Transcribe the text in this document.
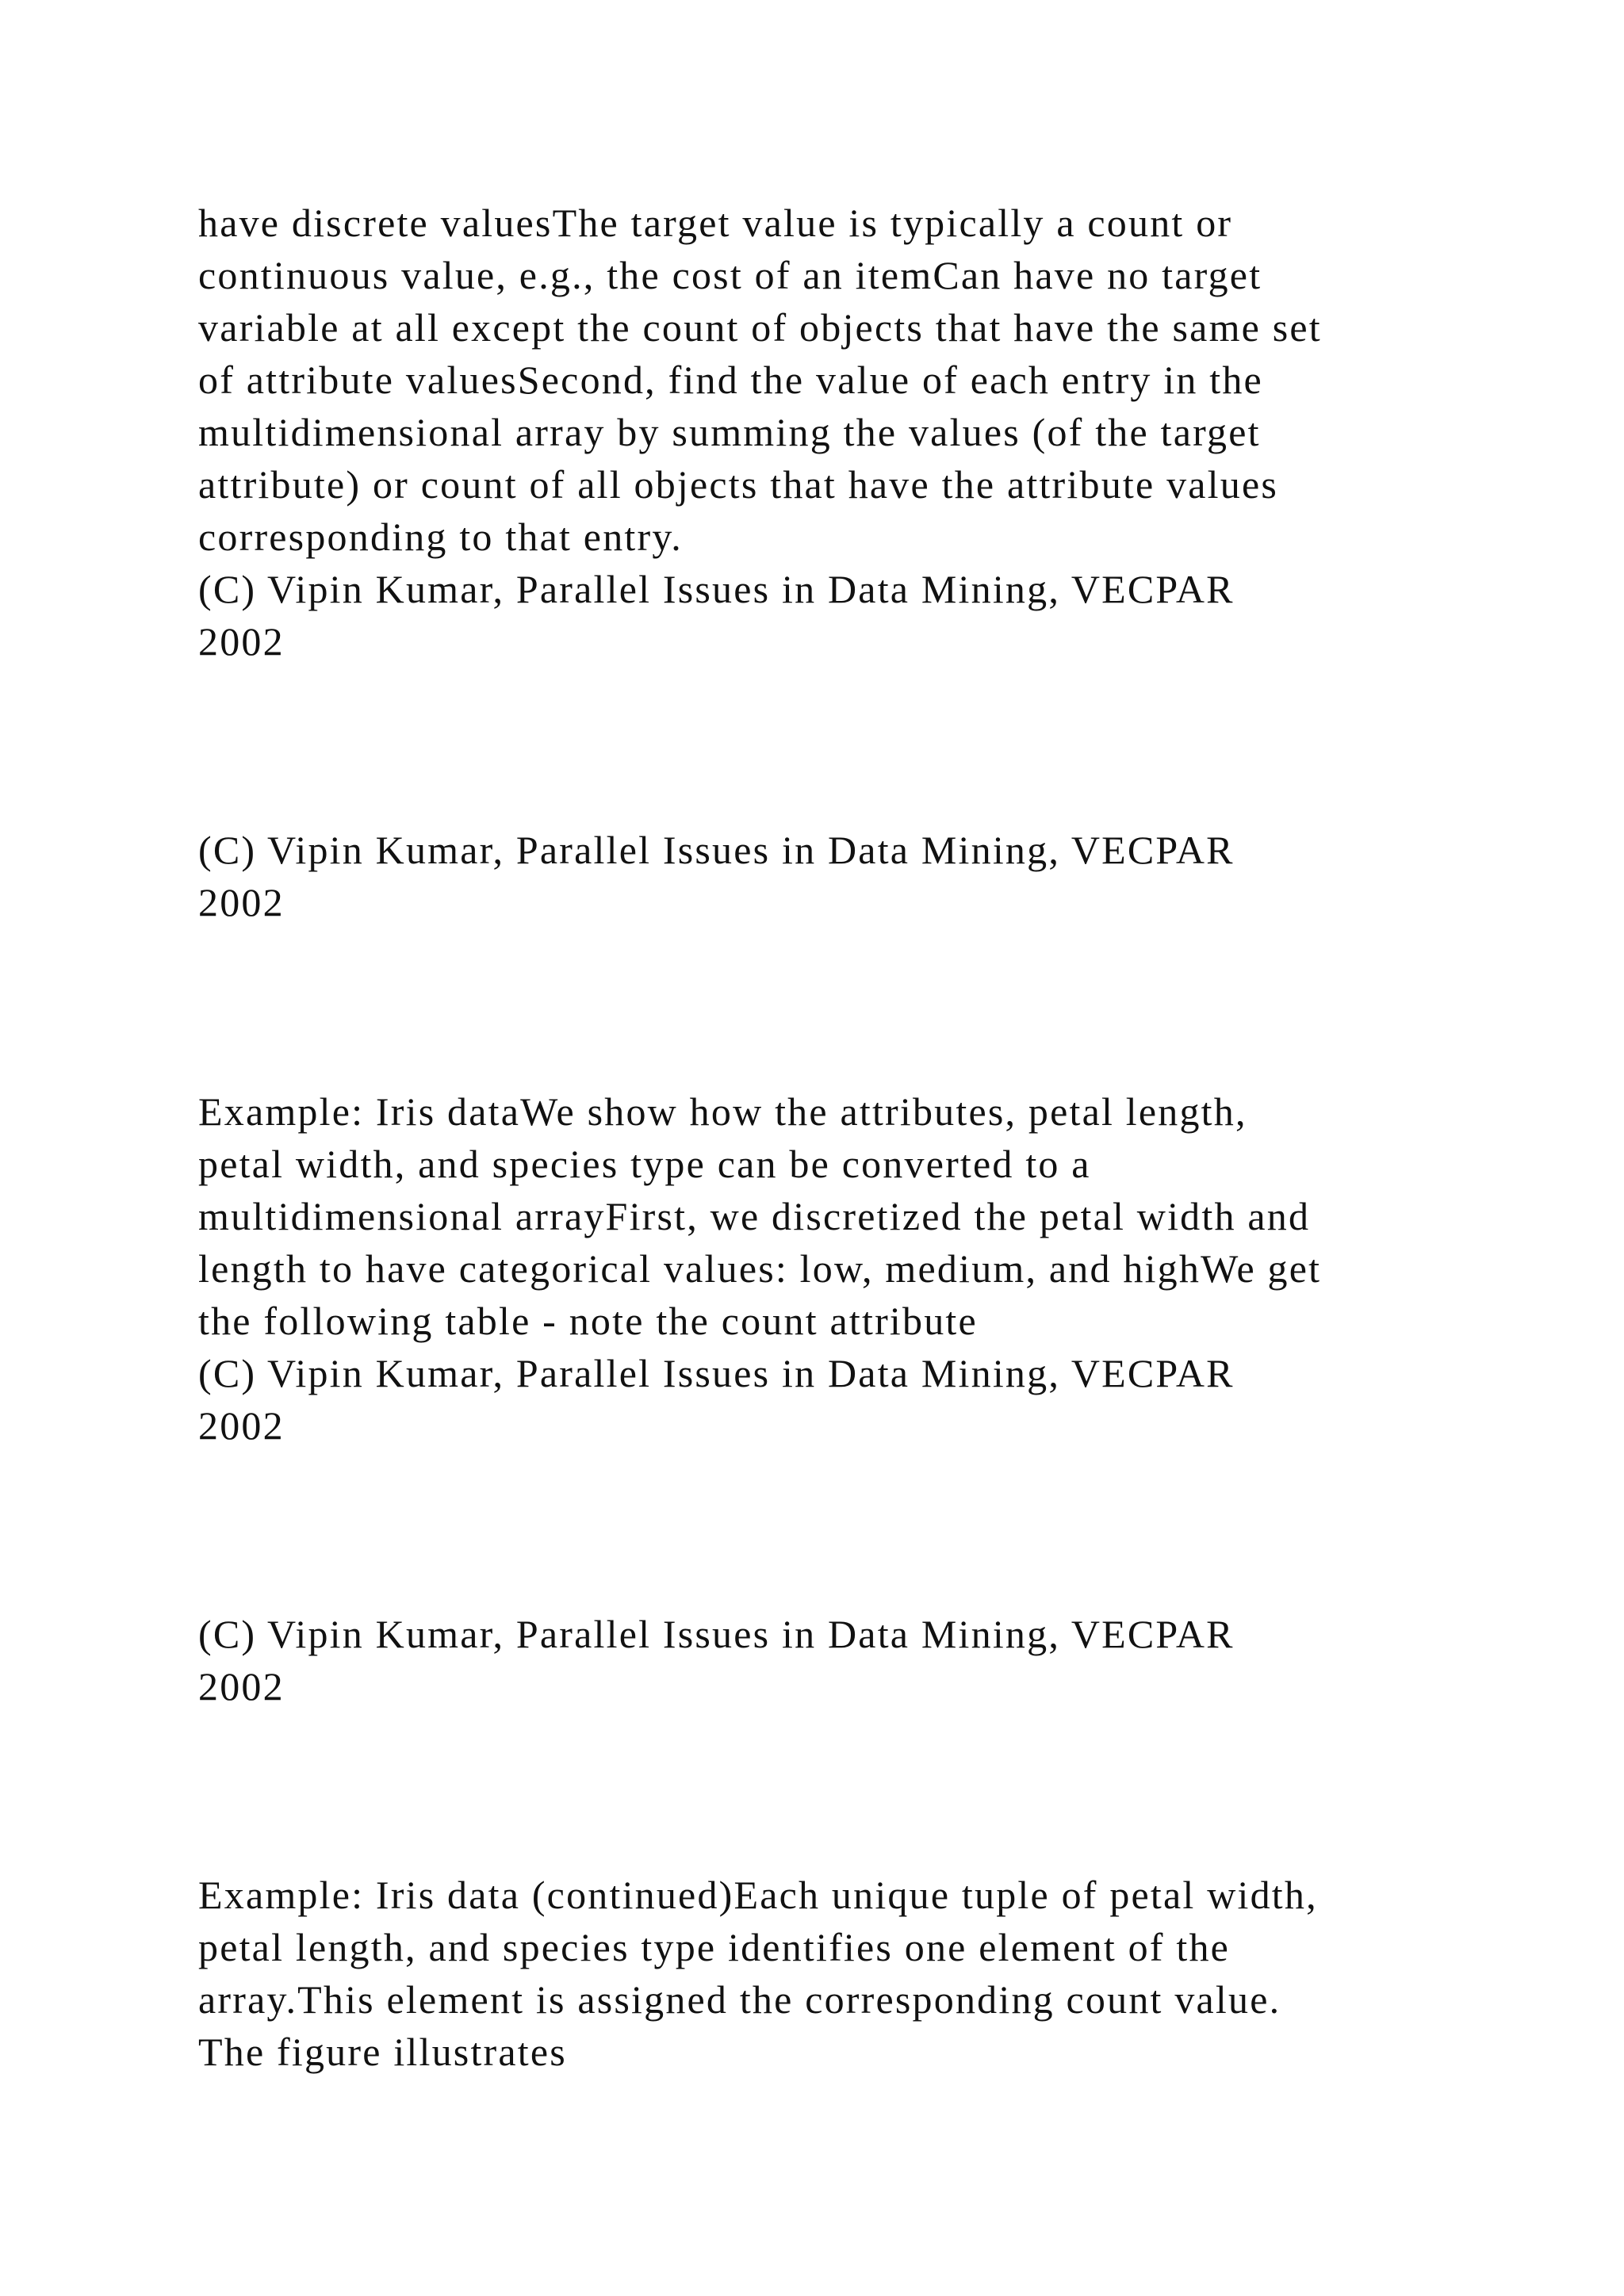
have discrete valuesThe target value is typically a count or

continuous value, e.g., the cost of an itemCan have no target

variable at all except the count of objects that have the same set

of attribute valuesSecond, find the value of each entry in the

multidimensional array by summing the values (of the target

attribute) or count of all objects that have the attribute values

corresponding to that entry.

(C) Vipin Kumar, Parallel Issues in Data Mining, VECPAR

2002

(C) Vipin Kumar, Parallel Issues in Data Mining, VECPAR

2002

Example: Iris dataWe show how the attributes, petal length,

petal width, and species type can be converted to a

multidimensional arrayFirst, we discretized the petal width and

length to have categorical values: low, medium, and highWe get

the following table - note the count attribute

(C) Vipin Kumar, Parallel Issues in Data Mining, VECPAR

2002

(C) Vipin Kumar, Parallel Issues in Data Mining, VECPAR

2002

Example: Iris data (continued)Each unique tuple of petal width,

petal length, and species type identifies one element of the

array.This element is assigned the corresponding count value.

The figure illustrates
